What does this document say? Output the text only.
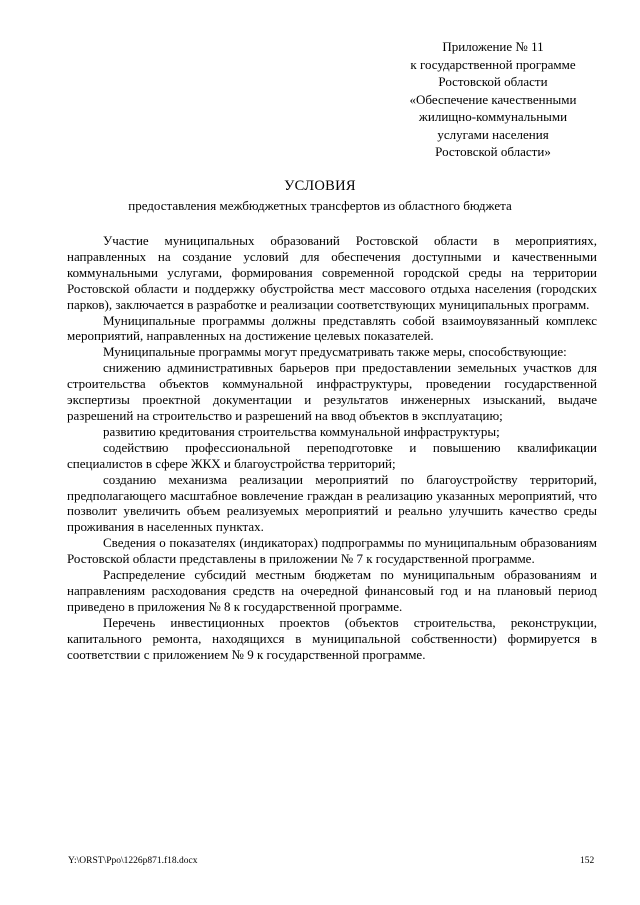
Приложение № 11
к государственной программе
Ростовской области
«Обеспечение качественными
жилищно-коммунальными
услугами населения
Ростовской области»
УСЛОВИЯ
предоставления межбюджетных трансфертов из областного бюджета

Участие муниципальных образований Ростовской области в мероприятиях, направленных на создание условий для обеспечения доступными и качественными коммунальными услугами, формирования современной городской среды на территории Ростовской области и поддержку обустройства мест массового отдыха населения (городских парков), заключается в разработке и реализации соответствующих муниципальных программ.

Муниципальные программы должны представлять собой взаимоувязанный комплекс мероприятий, направленных на достижение целевых показателей.

Муниципальные программы могут предусматривать также меры, способствующие:

снижению административных барьеров при предоставлении земельных участков для строительства объектов коммунальной инфраструктуры, проведении государственной экспертизы проектной документации и результатов инженерных изысканий, выдаче разрешений на строительство и разрешений на ввод объектов в эксплуатацию;

развитию кредитования строительства коммунальной инфраструктуры;

содействию профессиональной переподготовке и повышению квалификации специалистов в сфере ЖКХ и благоустройства территорий;

созданию механизма реализации мероприятий по благоустройству территорий, предполагающего масштабное вовлечение граждан в реализацию указанных мероприятий, что позволит увеличить объем реализуемых мероприятий и реально улучшить качество среды проживания в населенных пунктах.

Сведения о показателях (индикаторах) подпрограммы по муниципальным образованиям Ростовской области представлены в приложении № 7 к государственной программе.

Распределение субсидий местным бюджетам по муниципальным образованиям и направлениям расходования средств на очередной финансовый год и на плановый период приведено в приложения № 8 к государственной программе.

Перечень инвестиционных проектов (объектов строительства, реконструкции, капитального ремонта, находящихся в муниципальной собственности) формируется в соответствии с приложением № 9 к государственной программе.

Y:\ORST\Ppo\1226p871.f18.docx	152
